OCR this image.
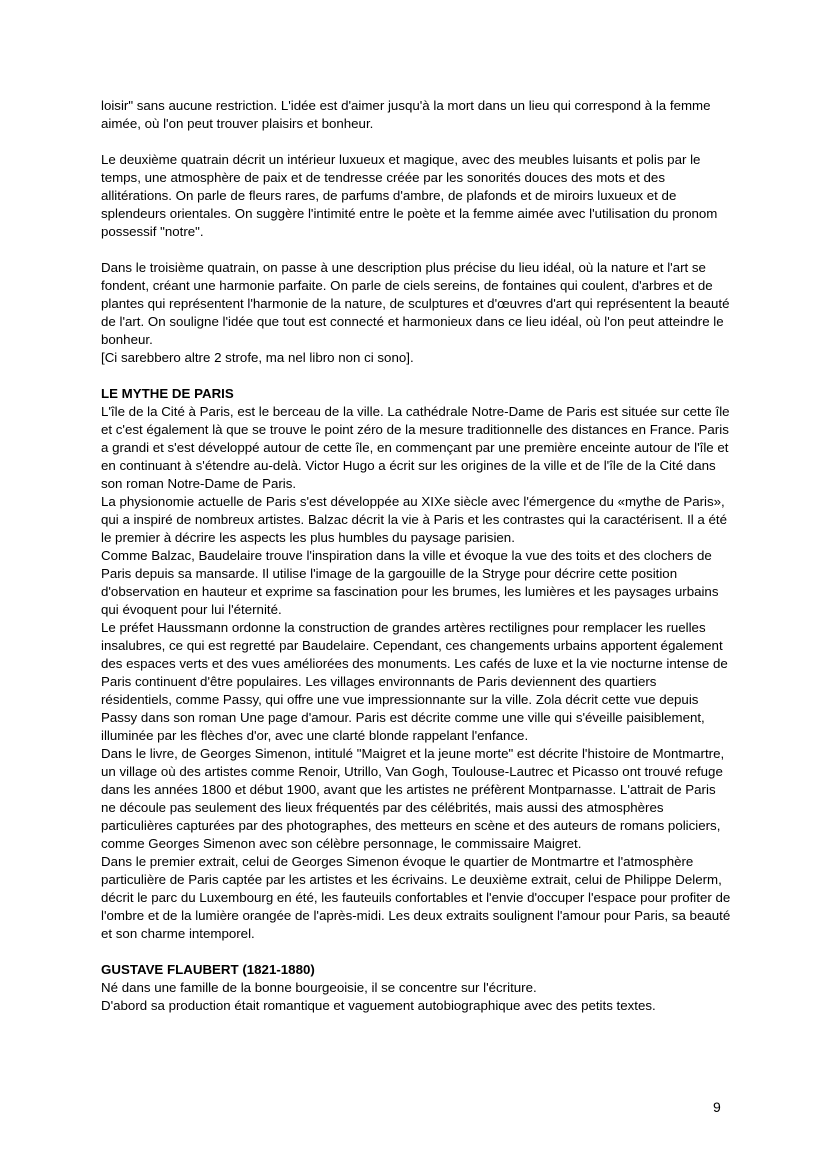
loisir" sans aucune restriction. L'idée est d'aimer jusqu'à la mort dans un lieu qui correspond à la femme aimée, où l'on peut trouver plaisirs et bonheur.

Le deuxième quatrain décrit un intérieur luxueux et magique, avec des meubles luisants et polis par le temps, une atmosphère de paix et de tendresse créée par les sonorités douces des mots et des allitérations. On parle de fleurs rares, de parfums d'ambre, de plafonds et de miroirs luxueux et de splendeurs orientales. On suggère l'intimité entre le poète et la femme aimée avec l'utilisation du pronom possessif "notre".

Dans le troisième quatrain, on passe à une description plus précise du lieu idéal, où la nature et l'art se fondent, créant une harmonie parfaite. On parle de ciels sereins, de fontaines qui coulent, d'arbres et de plantes qui représentent l'harmonie de la nature, de sculptures et d'œuvres d'art qui représentent la beauté de l'art. On souligne l'idée que tout est connecté et harmonieux dans ce lieu idéal, où l'on peut atteindre le bonheur.

[Ci sarebbero altre 2 strofe, ma nel libro non ci sono].

LE MYTHE DE PARIS

L'île de la Cité à Paris, est le berceau de la ville. La cathédrale Notre-Dame de Paris est située sur cette île et c'est également là que se trouve le point zéro de la mesure traditionnelle des distances en France. Paris a grandi et s'est développé autour de cette île, en commençant par une première enceinte autour de l'île et en continuant à s'étendre au-delà. Victor Hugo a écrit sur les origines de la ville et de l'île de la Cité dans son roman Notre-Dame de Paris.

La physionomie actuelle de Paris s'est développée au XIXe siècle avec l'émergence du «mythe de Paris», qui a inspiré de nombreux artistes. Balzac décrit la vie à Paris et les contrastes qui la caractérisent. Il a été le premier à décrire les aspects les plus humbles du paysage parisien.

Comme Balzac, Baudelaire trouve l'inspiration dans la ville et évoque la vue des toits et des clochers de Paris depuis sa mansarde. Il utilise l'image de la gargouille de la Stryge pour décrire cette position d'observation en hauteur et exprime sa fascination pour les brumes, les lumières et les paysages urbains qui évoquent pour lui l'éternité.

Le préfet Haussmann ordonne la construction de grandes artères rectilignes pour remplacer les ruelles insalubres, ce qui est regretté par Baudelaire. Cependant, ces changements urbains apportent également des espaces verts et des vues améliorées des monuments. Les cafés de luxe et la vie nocturne intense de Paris continuent d'être populaires. Les villages environnants de Paris deviennent des quartiers résidentiels, comme Passy, qui offre une vue impressionnante sur la ville. Zola décrit cette vue depuis Passy dans son roman Une page d'amour. Paris est décrite comme une ville qui s'éveille paisiblement, illuminée par les flèches d'or, avec une clarté blonde rappelant l'enfance.

Dans le livre, de Georges Simenon, intitulé "Maigret et la jeune morte" est décrite l'histoire de Montmartre, un village où des artistes comme Renoir, Utrillo, Van Gogh, Toulouse-Lautrec et Picasso ont trouvé refuge dans les années 1800 et début 1900, avant que les artistes ne préfèrent Montparnasse. L'attrait de Paris ne découle pas seulement des lieux fréquentés par des célébrités, mais aussi des atmosphères particulières capturées par des photographes, des metteurs en scène et des auteurs de romans policiers, comme Georges Simenon avec son célèbre personnage, le commissaire Maigret.

Dans le premier extrait, celui de Georges Simenon évoque le quartier de Montmartre et l'atmosphère particulière de Paris captée par les artistes et les écrivains. Le deuxième extrait, celui de Philippe Delerm, décrit le parc du Luxembourg en été, les fauteuils confortables et l'envie d'occuper l'espace pour profiter de l'ombre et de la lumière orangée de l'après-midi. Les deux extraits soulignent l'amour pour Paris, sa beauté et son charme intemporel.

GUSTAVE FLAUBERT (1821-1880)

Né dans une famille de la bonne bourgeoisie, il se concentre sur l'écriture.

D'abord sa production était romantique et vaguement autobiographique avec des petits textes.

9
